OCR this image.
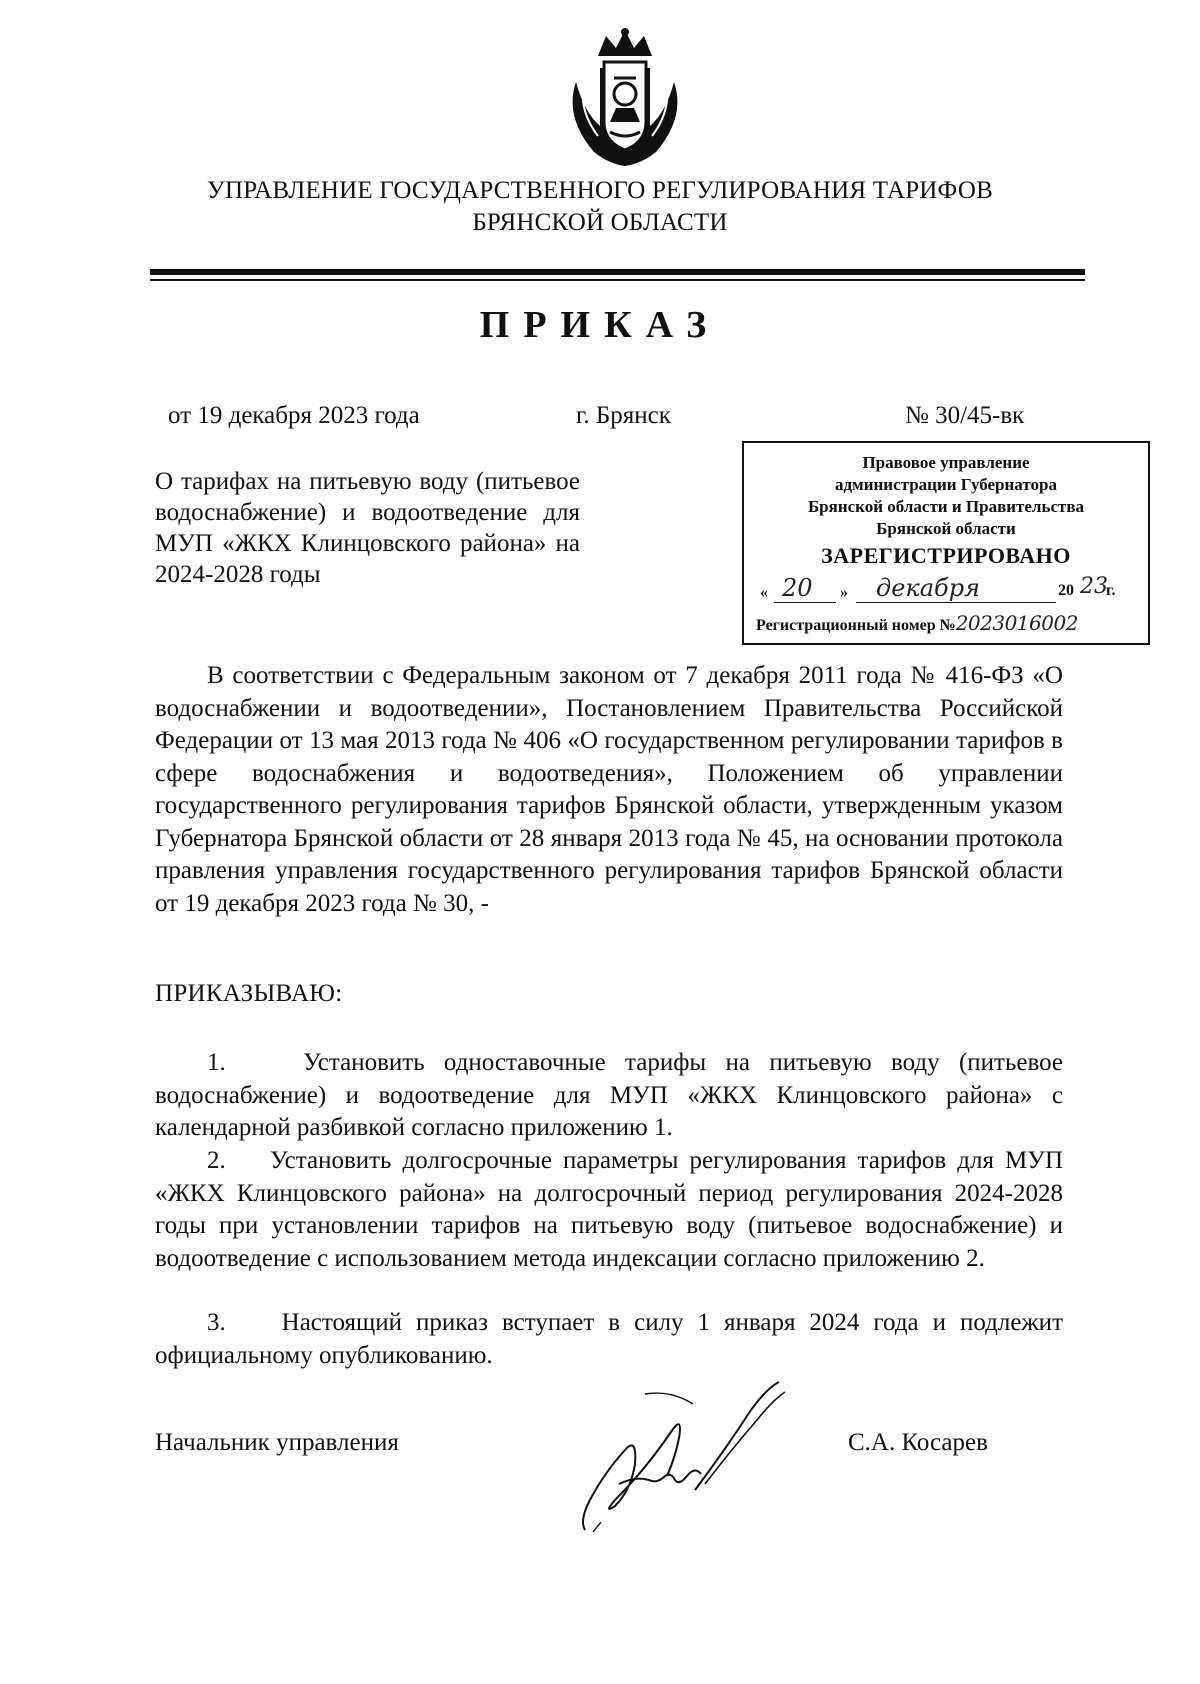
УПРАВЛЕНИЕ ГОСУДАРСТВЕННОГО РЕГУЛИРОВАНИЯ ТАРИФОВ
БРЯНСКОЙ ОБЛАСТИ
ПРИКАЗ
от 19 декабря 2023 года	г. Брянск	№ 30/45-вк
О тарифах на питьевую воду (питьевое водоснабжение) и водоотведение для МУП «ЖКХ Клинцовского района» на 2024-2028 годы
Правовое управление
администрации Губернатора
Брянской области и Правительства
Брянской области
ЗАРЕГИСТРИРОВАНО
« 20 » декабря	20 23
г.
Регистрационный номер №2023016002
В соответствии с Федеральным законом от 7 декабря 2011 года № 416-ФЗ «О водоснабжении и водоотведении», Постановлением Правительства Российской Федерации от 13 мая 2013 года № 406 «О государственном регулировании тарифов в сфере водоснабжения и водоотведения», Положением об управлении государственного регулирования тарифов Брянской области, утвержденным указом Губернатора Брянской области от 28 января 2013 года № 45, на основании протокола правления управления государственного регулирования тарифов Брянской области от 19 декабря 2023 года № 30, -
ПРИКАЗЫВАЮ:
1.    Установить одноставочные тарифы на питьевую воду (питьевое водоснабжение) и водоотведение для МУП «ЖКХ Клинцовского района» с календарной разбивкой согласно приложению 1.
2.    Установить долгосрочные параметры регулирования тарифов для МУП «ЖКХ Клинцовского района» на долгосрочный период регулирования 2024-2028 годы при установлении тарифов на питьевую воду (питьевое водоснабжение) и водоотведение с использованием метода индексации согласно приложению 2.
3.    Настоящий приказ вступает в силу 1 января 2024 года и подлежит официальному опубликованию.
Начальник управления	С.А. Косарев
